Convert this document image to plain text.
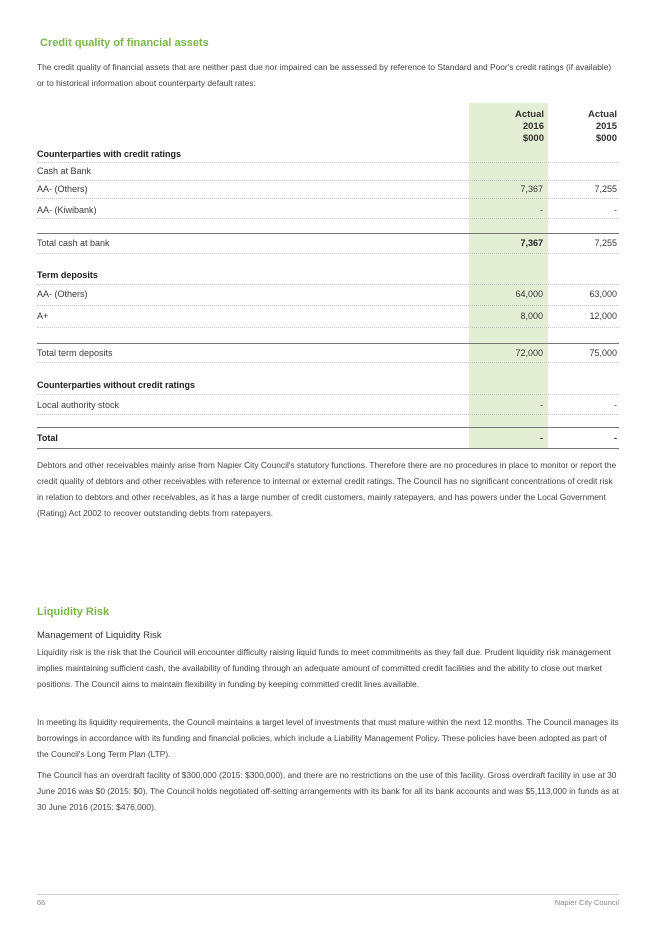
Credit quality of financial assets

The credit quality of financial assets that are neither past due nor impaired can be assessed by reference to Standard and Poor's credit ratings (if available) or to historical information about counterparty default rates:

Actual
2016
$000
Actual
2015
$000
Counterparties with credit ratings
Cash at Bank
AA- (Others)	7,367	7,255
AA- (Kiwibank)	-	-
Total cash at bank	7,367	7,255
Term deposits
AA- (Others)	64,000	63,000
A+	8,000	12,000
Total term deposits	72,000	75,000
Counterparties without credit ratings
Local authority stock	-	-
Total	-	-

Debtors and other receivables mainly arise from Napier City Council's statutory functions. Therefore there are no procedures in place to monitor or report the credit quality of debtors and other receivables with reference to internal or external credit ratings. The Council has no significant concentrations of credit risk in relation to debtors and other receivables, as it has a large number of credit customers, mainly ratepayers, and has powers under the Local Government (Rating) Act 2002 to recover outstanding debts from ratepayers.

Liquidity Risk
Management of Liquidity Risk

Liquidity risk is the risk that the Council will encounter difficulty raising liquid funds to meet commitments as they fall due. Prudent liquidity risk management implies maintaining sufficient cash, the availability of funding through an adequate amount of committed credit facilities and the ability to close out market positions. The Council aims to maintain flexibility in funding by keeping committed credit lines available.

In meeting its liquidity requirements, the Council maintains a target level of investments that must mature within the next 12 months. The Council manages its borrowings in accordance with its funding and financial policies, which include a Liability Management Policy. These policies have been adopted as part of the Council's Long Term Plan (LTP).

The Council has an overdraft facility of $300,000 (2015: $300,000), and there are no restrictions on the use of this facility. Gross overdraft facility in use at 30 June 2016 was $0 (2015: $0). The Council holds negotiated off-setting arrangements with its bank for all its bank accounts and was $5,113,000 in funds as at 30 June 2016 (2015: $476,000).

66	Napier City Council
